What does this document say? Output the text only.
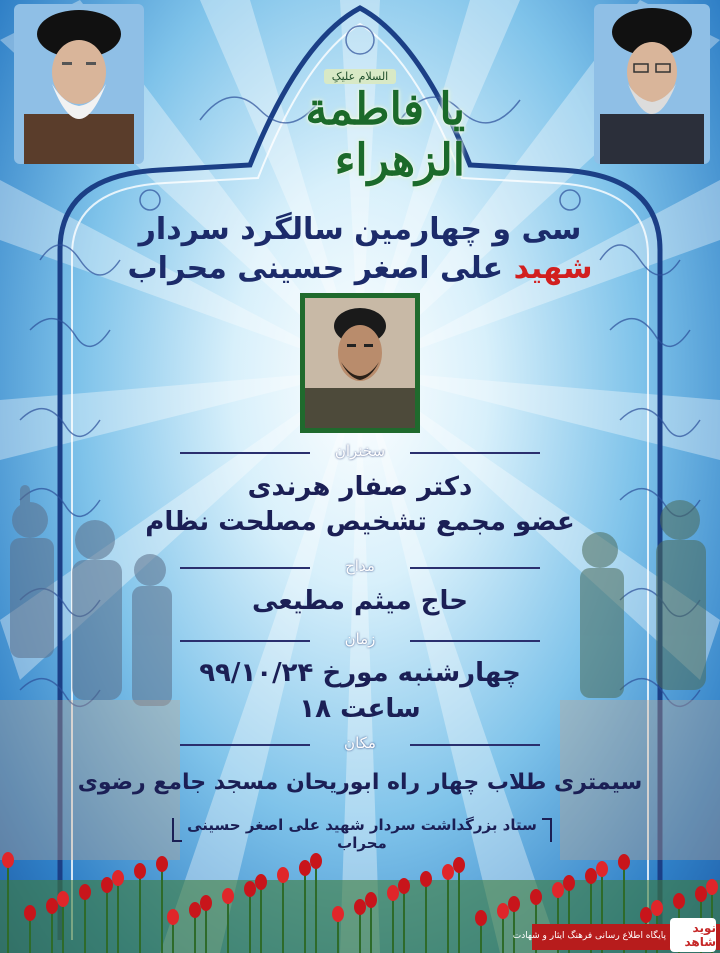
السلام علیکِ
یا فاطمة الزهراء
سی و چهارمین سالگرد سردار
شهید علی اصغر حسینی محراب
سخنران
دکتر صفار هرندی
عضو مجمع تشخیص مصلحت نظام
مداح
حاج میثم مطیعی
زمان
چهارشنبه مورخ ۹۹/۱۰/۲۴
ساعت ۱۸
مکان
سیمتری طلاب چهار راه ابوریحان مسجد جامع رضوی
ستاد بزرگداشت سردار شهید علی اصغر حسینی محراب
پایگاه اطلاع رسانی فرهنگ ایثار و شهادت
نوید شاهد
